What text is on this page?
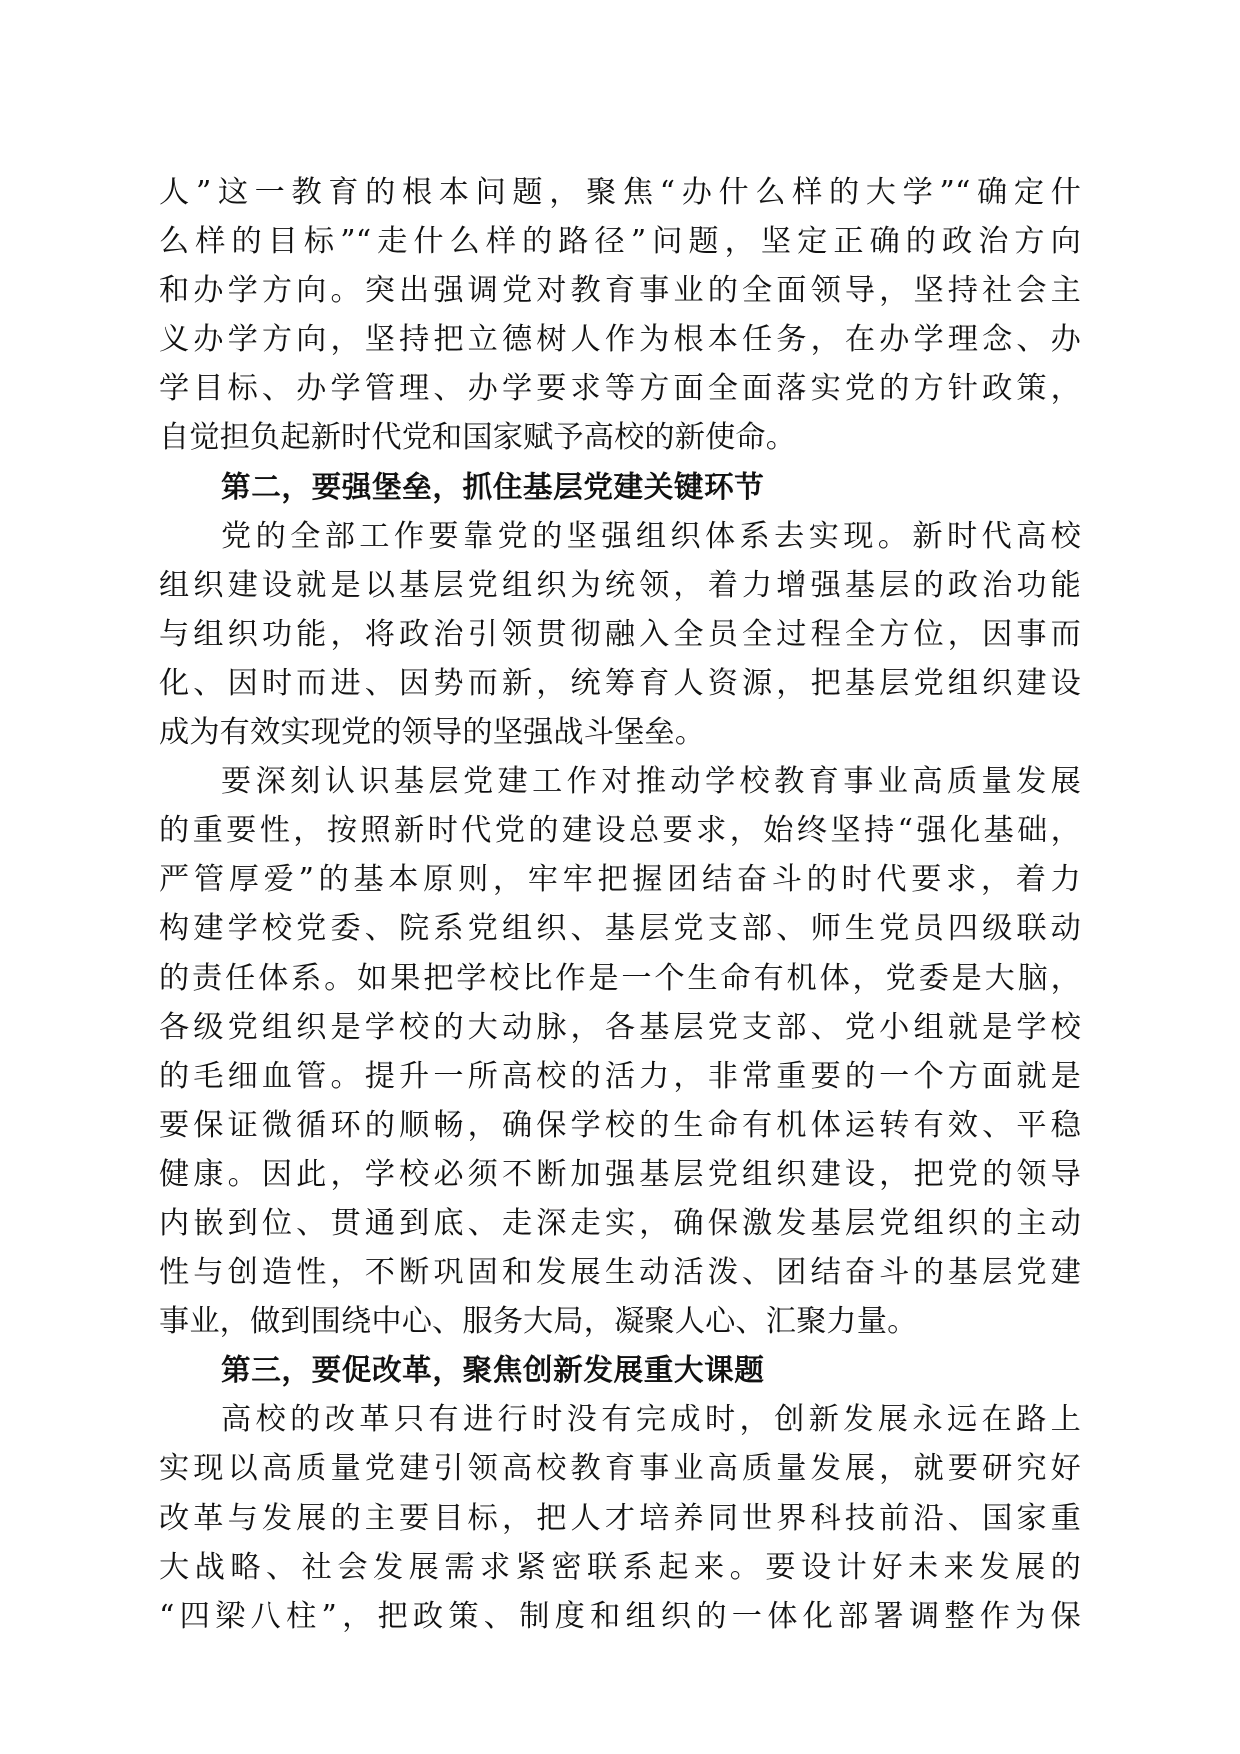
人”这一教育的根本问题，聚焦“办什么样的大学”“确定什
么样的目标”“走什么样的路径”问题，坚定正确的政治方向
和办学方向。突出强调党对教育事业的全面领导，坚持社会主
义办学方向，坚持把立德树人作为根本任务，在办学理念、办
学目标、办学管理、办学要求等方面全面落实党的方针政策，
自觉担负起新时代党和国家赋予高校的新使命。
第二，要强堡垒，抓住基层党建关键环节
党的全部工作要靠党的坚强组织体系去实现。新时代高校
组织建设就是以基层党组织为统领，着力增强基层的政治功能
与组织功能，将政治引领贯彻融入全员全过程全方位，因事而
化、因时而进、因势而新，统筹育人资源，把基层党组织建设
成为有效实现党的领导的坚强战斗堡垒。
要深刻认识基层党建工作对推动学校教育事业高质量发展
的重要性，按照新时代党的建设总要求，始终坚持“强化基础，
严管厚爱”的基本原则，牢牢把握团结奋斗的时代要求，着力
构建学校党委、院系党组织、基层党支部、师生党员四级联动
的责任体系。如果把学校比作是一个生命有机体，党委是大脑，
各级党组织是学校的大动脉，各基层党支部、党小组就是学校
的毛细血管。提升一所高校的活力，非常重要的一个方面就是
要保证微循环的顺畅，确保学校的生命有机体运转有效、平稳
健康。因此，学校必须不断加强基层党组织建设，把党的领导
内嵌到位、贯通到底、走深走实，确保激发基层党组织的主动
性与创造性，不断巩固和发展生动活泼、团结奋斗的基层党建
事业，做到围绕中心、服务大局，凝聚人心、汇聚力量。
第三，要促改革，聚焦创新发展重大课题
高校的改革只有进行时没有完成时，创新发展永远在路上
实现以高质量党建引领高校教育事业高质量发展，就要研究好
改革与发展的主要目标，把人才培养同世界科技前沿、国家重
大战略、社会发展需求紧密联系起来。要设计好未来发展的
“四梁八柱”，把政策、制度和组织的一体化部署调整作为保
